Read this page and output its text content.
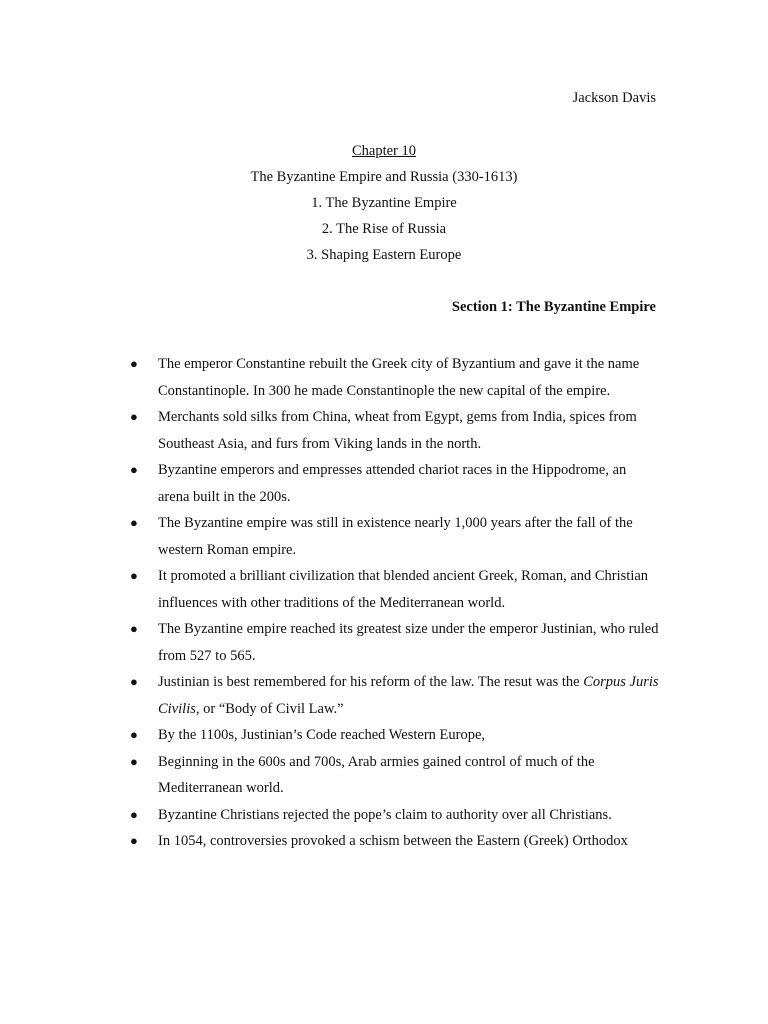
Jackson Davis
Chapter 10
The Byzantine Empire and Russia (330-1613)
1. The Byzantine Empire
2. The Rise of Russia
3. Shaping Eastern Europe
Section 1: The Byzantine Empire
●	The emperor Constantine rebuilt the Greek city of Byzantium and gave it the name Constantinople. In 300 he made Constantinople the new capital of the empire.
●	Merchants sold silks from China, wheat from Egypt, gems from India, spices from Southeast Asia, and furs from Viking lands in the north.
●	Byzantine emperors and empresses attended chariot races in the Hippodrome, an arena built in the 200s.
●	The Byzantine empire was still in existence nearly 1,000 years after the fall of the western Roman empire.
●	It promoted a brilliant civilization that blended ancient Greek, Roman, and Christian influences with other traditions of the Mediterranean world.
●	The Byzantine empire reached its greatest size under the emperor Justinian, who ruled from 527 to 565.
●	Justinian is best remembered for his reform of the law. The resut was the Corpus Juris Civilis, or “Body of Civil Law.”
●	By the 1100s, Justinian’s Code reached Western Europe,
●	Beginning in the 600s and 700s, Arab armies gained control of much of the Mediterranean world.
●	Byzantine Christians rejected the pope’s claim to authority over all Christians.
●	In 1054, controversies provoked a schism between the Eastern (Greek) Orthodox
